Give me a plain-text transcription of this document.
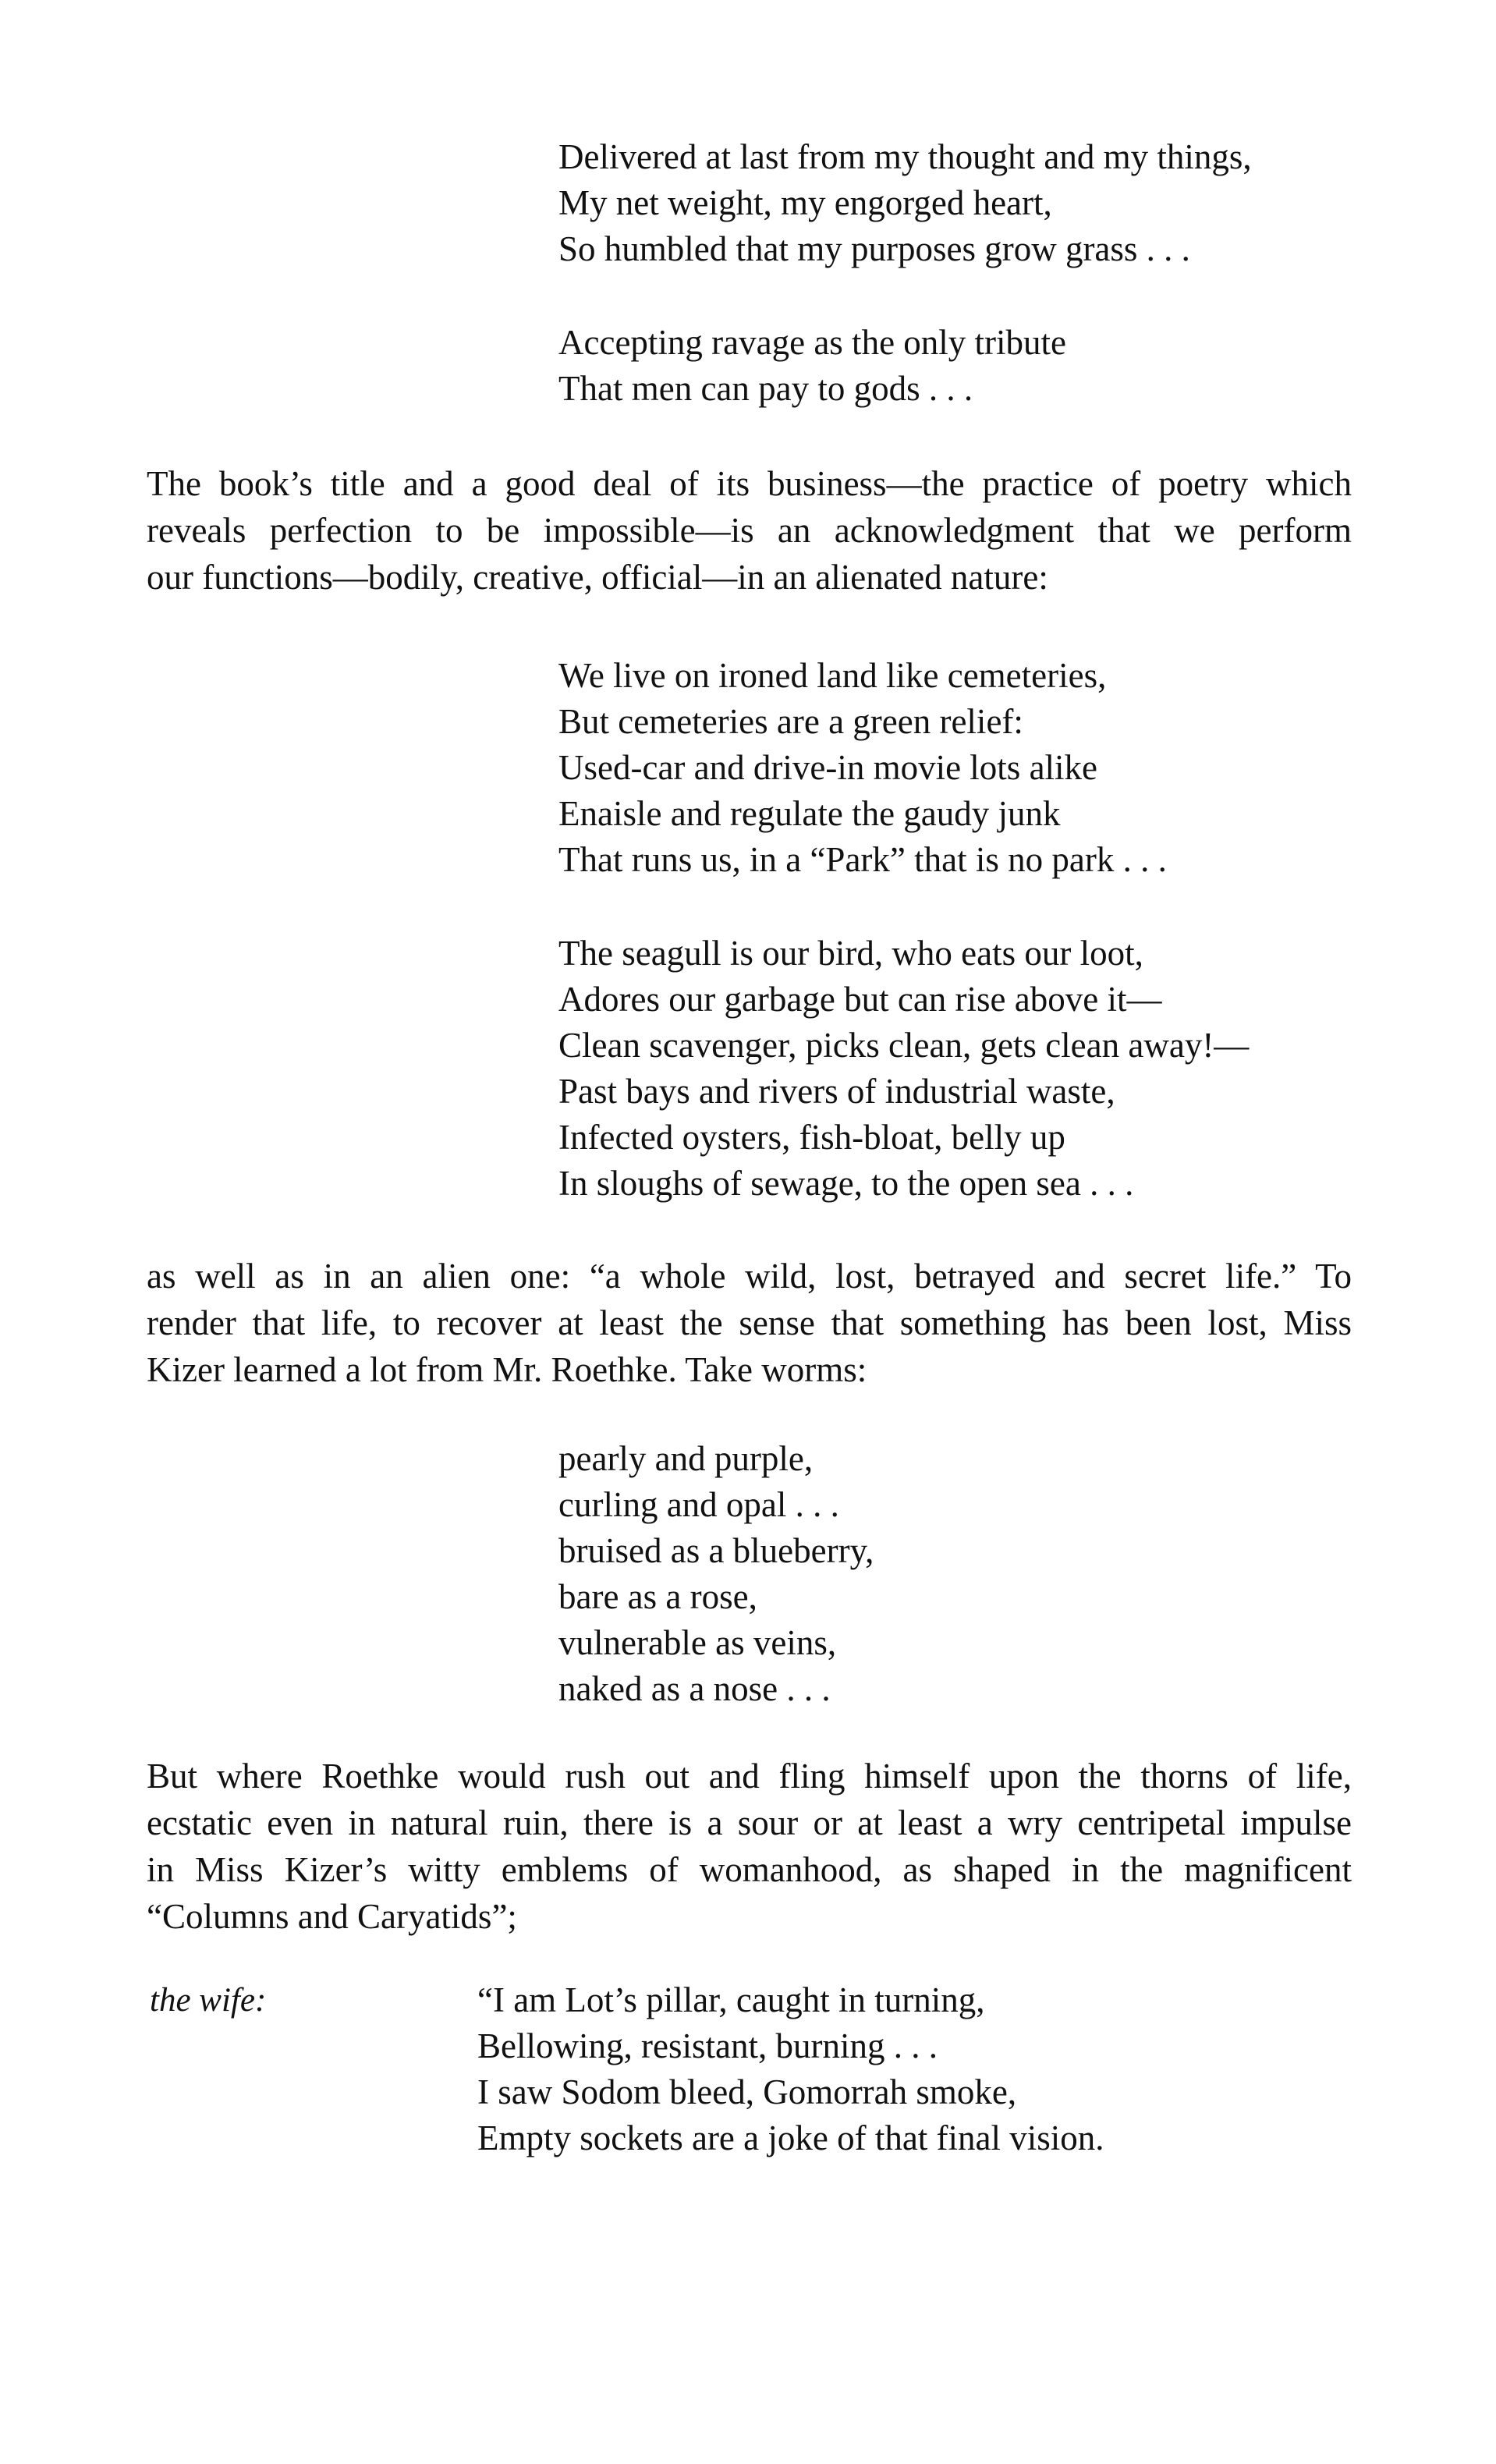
Delivered at last from my thought and my things,
My net weight, my engorged heart,
So humbled that my purposes grow grass . . .
Accepting ravage as the only tribute
That men can pay to gods . . .
The book’s title and a good deal of its business—the practice of poetry which
reveals perfection to be impossible—is an acknowledgment that we perform
our functions—bodily, creative, official—in an alienated nature:
We live on ironed land like cemeteries,
But cemeteries are a green relief:
Used-car and drive-in movie lots alike
Enaisle and regulate the gaudy junk
That runs us, in a “Park” that is no park . . .
The seagull is our bird, who eats our loot,
Adores our garbage but can rise above it—
Clean scavenger, picks clean, gets clean away!—
Past bays and rivers of industrial waste,
Infected oysters, fish-bloat, belly up
In sloughs of sewage, to the open sea . . .
as well as in an alien one: “a whole wild, lost, betrayed and secret life.” To
render that life, to recover at least the sense that something has been lost, Miss
Kizer learned a lot from Mr. Roethke. Take worms:
pearly and purple,
curling and opal . . .
bruised as a blueberry,
bare as a rose,
vulnerable as veins,
naked as a nose . . .
But where Roethke would rush out and fling himself upon the thorns of life,
ecstatic even in natural ruin, there is a sour or at least a wry centripetal impulse
in Miss Kizer’s witty emblems of womanhood, as shaped in the magnificent
“Columns and Caryatids”;
the wife:	“I am Lot’s pillar, caught in turning,
Bellowing, resistant, burning . . .
I saw Sodom bleed, Gomorrah smoke,
Empty sockets are a joke of that final vision.
